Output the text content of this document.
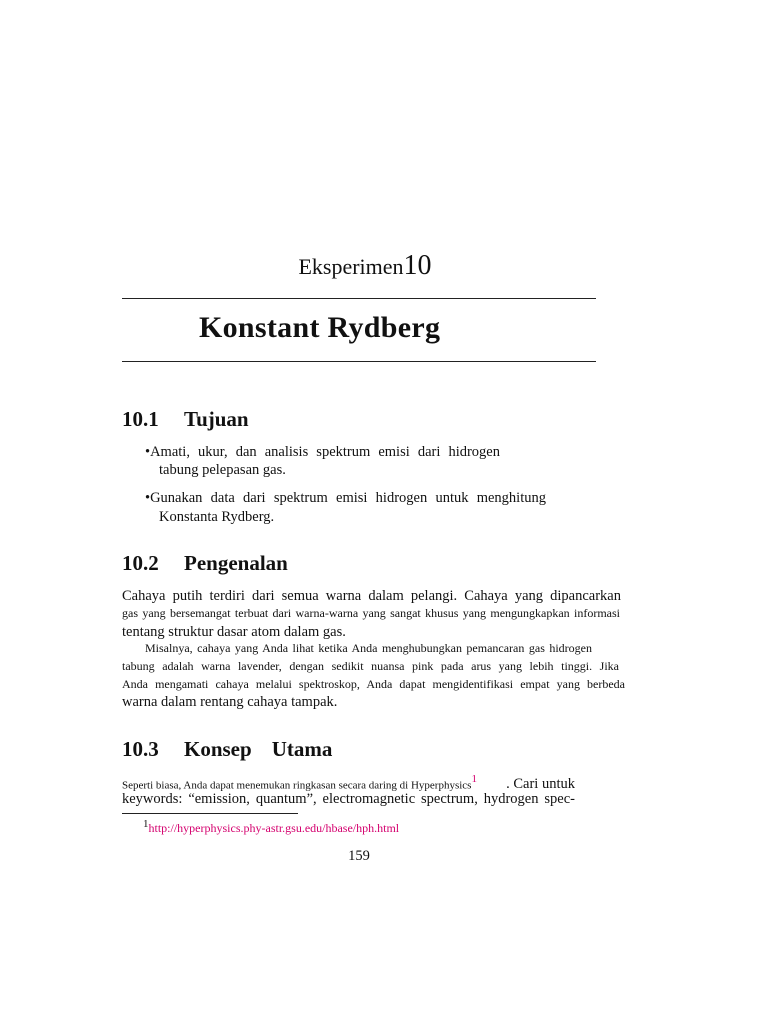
Eksperimen10
Konstant Rydberg
10.1 Tujuan
•Amati, ukur, dan analisis spektrum emisi dari hidrogen
tabung pelepasan gas.
•Gunakan data dari spektrum emisi hidrogen untuk menghitung
Konstanta Rydberg.
10.2 Pengenalan
Cahaya putih terdiri dari semua warna dalam pelangi. Cahaya yang dipancarkan
gas yang bersemangat terbuat dari warna-warna yang sangat khusus yang mengungkapkan informasi
tentang struktur dasar atom dalam gas.
Misalnya, cahaya yang Anda lihat ketika Anda menghubungkan pemancaran gas hidrogen
tabung adalah warna lavender, dengan sedikit nuansa pink pada arus yang lebih tinggi. Jika
Anda mengamati cahaya melalui spektroskop, Anda dapat mengidentifikasi empat yang berbeda
warna dalam rentang cahaya tampak.
10.3 Konsep Utama
Seperti biasa, Anda dapat menemukan ringkasan secara daring di Hyperphysics$^1$ . Cari untuk
keywords: “emission, quantum”, electromagnetic spectrum, hydrogen spec-
$^1$http://hyperphysics.phy-astr.gsu.edu/hbase/hph.html
159
